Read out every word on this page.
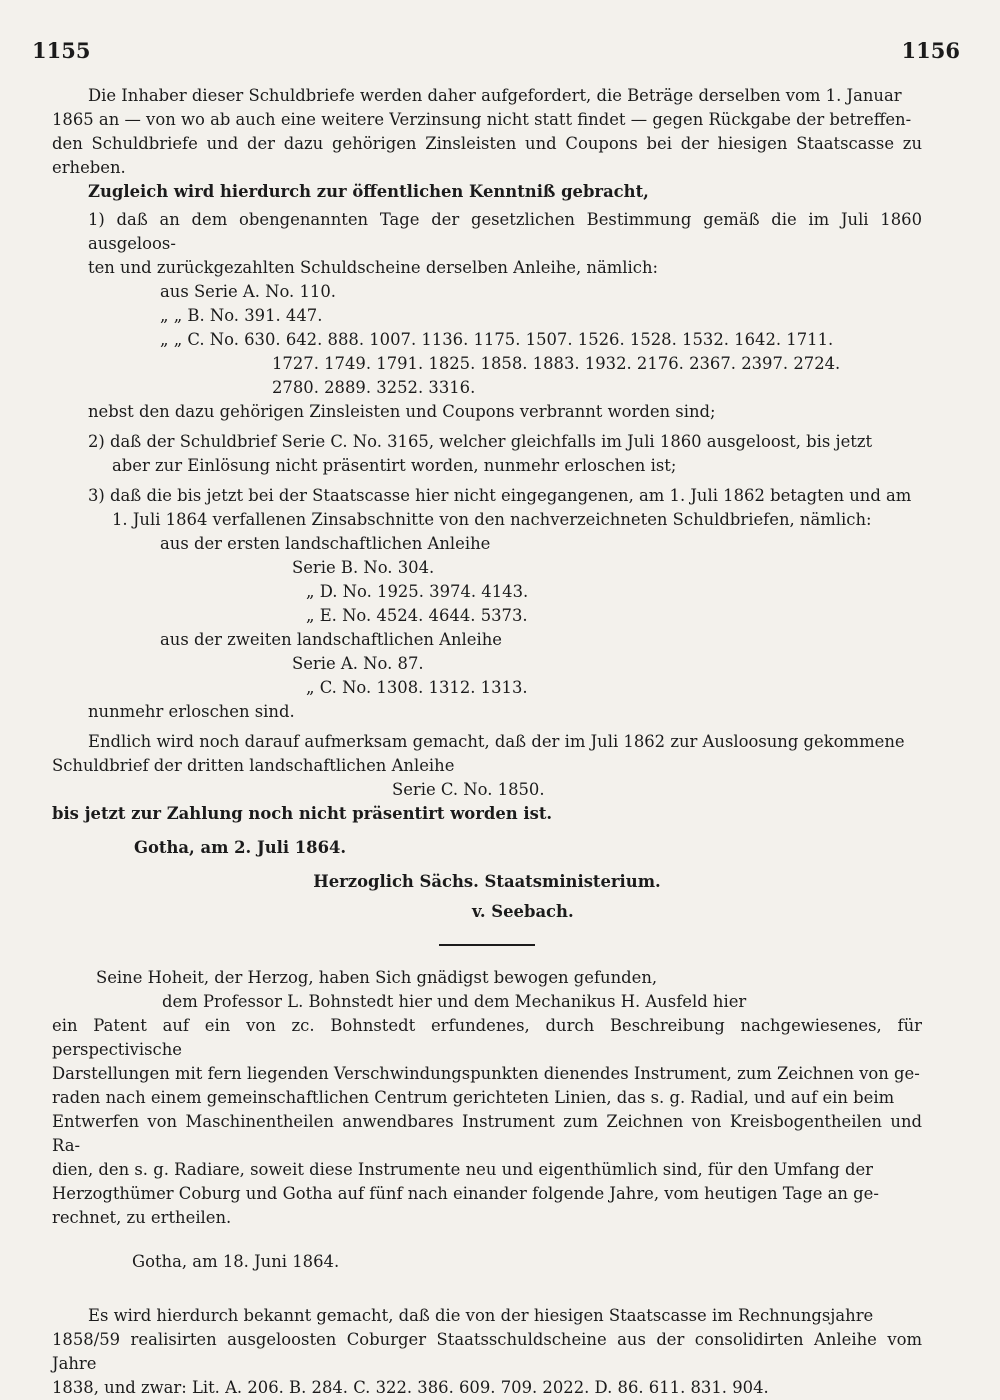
1155	1156

Die Inhaber dieser Schuldbriefe werden daher aufgefordert, die Beträge derselben vom 1. Januar

1865 an — von wo ab auch eine weitere Verzinsung nicht statt findet — gegen Rückgabe der betreffen-

den Schuldbriefe und der dazu gehörigen Zinsleisten und Coupons bei der hiesigen Staatscasse zu erheben.

Zugleich wird hierdurch zur öffentlichen Kenntniß gebracht,

1) daß an dem obengenannten Tage der gesetzlichen Bestimmung gemäß die im Juli 1860 ausgeloos-

ten und zurückgezahlten Schuldscheine derselben Anleihe, nämlich:

aus Serie A. No. 110.

„ „ B. No. 391. 447.

„ „ C. No. 630. 642. 888. 1007. 1136. 1175. 1507. 1526. 1528. 1532. 1642. 1711.

1727. 1749. 1791. 1825. 1858. 1883. 1932. 2176. 2367. 2397. 2724.

2780. 2889. 3252. 3316.

nebst den dazu gehörigen Zinsleisten und Coupons verbrannt worden sind;

2) daß der Schuldbrief Serie C. No. 3165, welcher gleichfalls im Juli 1860 ausgeloost, bis jetzt

aber zur Einlösung nicht präsentirt worden, nunmehr erloschen ist;

3) daß die bis jetzt bei der Staatscasse hier nicht eingegangenen, am 1. Juli 1862 betagten und am

1. Juli 1864 verfallenen Zinsabschnitte von den nachverzeichneten Schuldbriefen, nämlich:

aus der ersten landschaftlichen Anleihe

Serie B. No. 304.

„ D. No. 1925. 3974. 4143.

„ E. No. 4524. 4644. 5373.

aus der zweiten landschaftlichen Anleihe

Serie A. No. 87.

„ C. No. 1308. 1312. 1313.

nunmehr erloschen sind.

Endlich wird noch darauf aufmerksam gemacht, daß der im Juli 1862 zur Ausloosung gekommene

Schuldbrief der dritten landschaftlichen Anleihe

Serie C. No. 1850.

bis jetzt zur Zahlung noch nicht präsentirt worden ist.

Gotha, am 2. Juli 1864.

Herzoglich Sächs. Staatsministerium.

v. Seebach.

Seine Hoheit, der Herzog, haben Sich gnädigst bewogen gefunden,

dem Professor L. Bohnstedt hier und dem Mechanikus H. Ausfeld hier

ein Patent auf ein von zc. Bohnstedt erfundenes, durch Beschreibung nachgewiesenes, für perspectivische

Darstellungen mit fern liegenden Verschwindungspunkten dienendes Instrument, zum Zeichnen von ge-

raden nach einem gemeinschaftlichen Centrum gerichteten Linien, das s. g. Radial, und auf ein beim

Entwerfen von Maschinentheilen anwendbares Instrument zum Zeichnen von Kreisbogentheilen und Ra-

dien, den s. g. Radiare, soweit diese Instrumente neu und eigenthümlich sind, für den Umfang der

Herzogthümer Coburg und Gotha auf fünf nach einander folgende Jahre, vom heutigen Tage an ge-

rechnet, zu ertheilen.

Gotha, am 18. Juni 1864.

Es wird hierdurch bekannt gemacht, daß die von der hiesigen Staatscasse im Rechnungsjahre

1858/59 realisirten ausgeloosten Coburger Staatsschuldscheine aus der consolidirten Anleihe vom Jahre

1838, und zwar: Lit. A. 206. B. 284. C. 322. 386. 609. 709. 2022. D. 86. 611. 831. 904.
